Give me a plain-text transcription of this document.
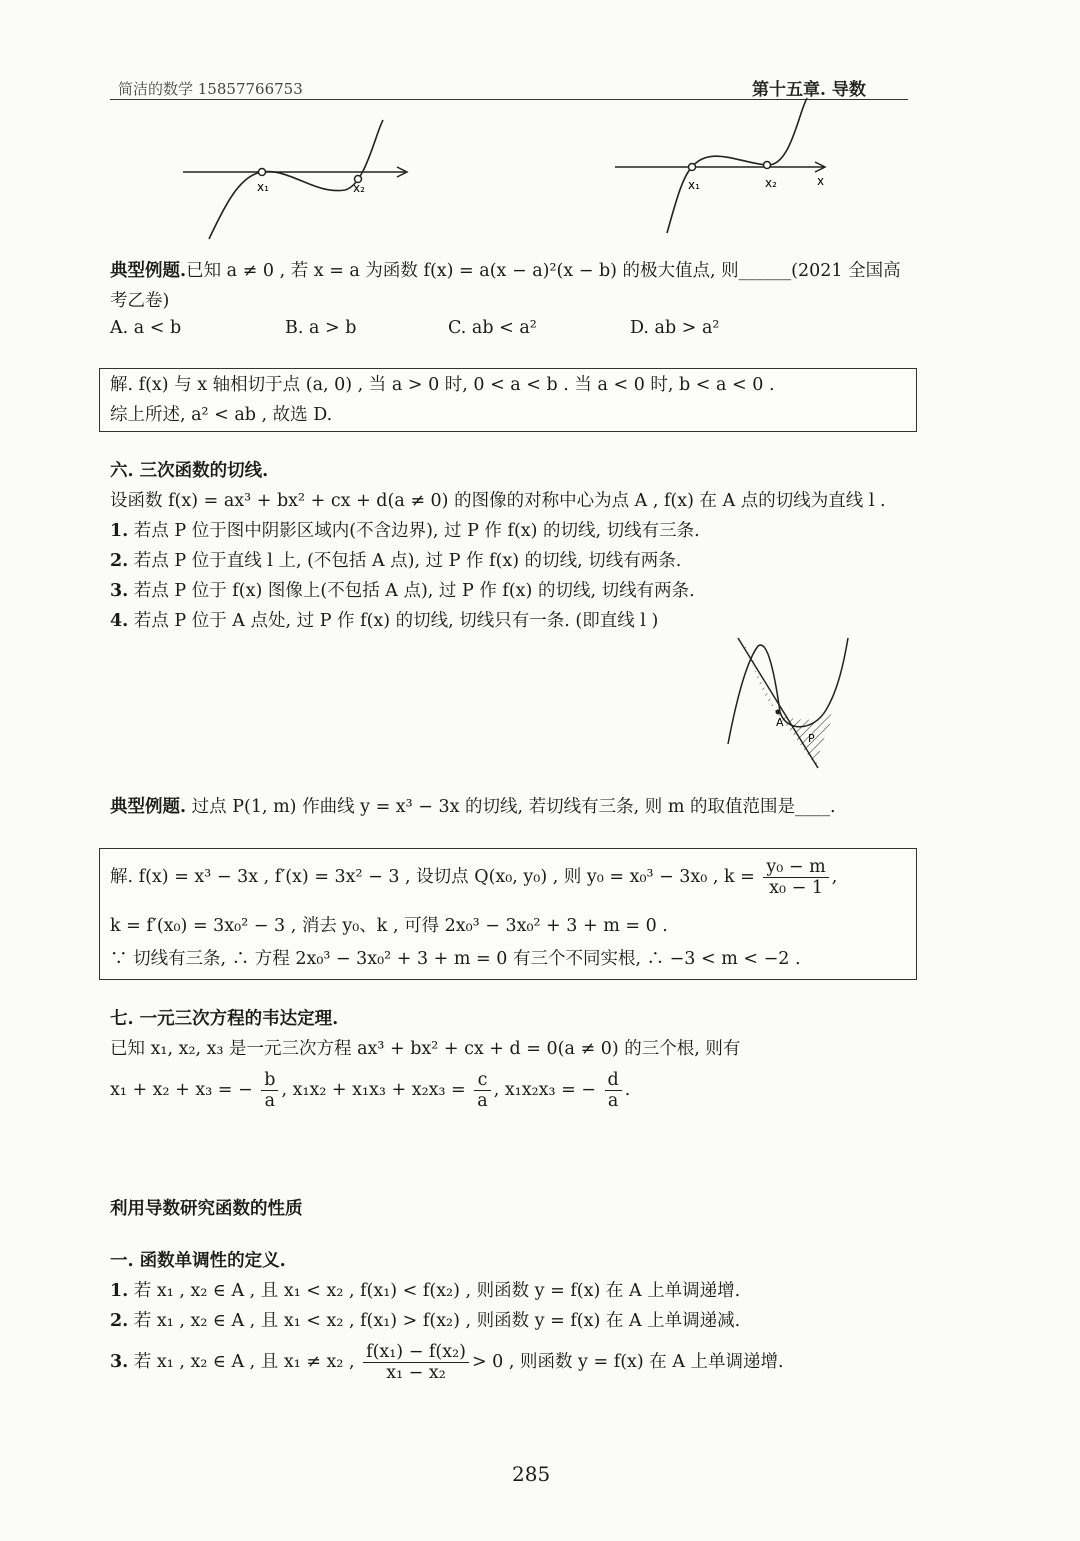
简洁的数学 15857766753	第十五章. 导数
x₁	x₂	x₁	x₂	x
典型例题.已知 a ≠ 0 , 若 x = a 为函数 f(x) = a(x − a)²(x − b) 的极大值点, 则______(2021 全国高
考乙卷)
A. a < b	B. a > b	C. ab < a²	D. ab > a²
解. f(x) 与 x 轴相切于点 (a, 0) , 当 a > 0 时, 0 < a < b . 当 a < 0 时, b < a < 0 .
综上所述, a² < ab , 故选 D.
六. 三次函数的切线.
设函数 f(x) = ax³ + bx² + cx + d(a ≠ 0) 的图像的对称中心为点 A , f(x) 在 A 点的切线为直线 l .
1. 若点 P 位于图中阴影区域内(不含边界), 过 P 作 f(x) 的切线, 切线有三条.
2. 若点 P 位于直线 l 上, (不包括 A 点), 过 P 作 f(x) 的切线, 切线有两条.
3. 若点 P 位于 f(x) 图像上(不包括 A 点), 过 P 作 f(x) 的切线, 切线有两条.
4. 若点 P 位于 A 点处, 过 P 作 f(x) 的切线, 切线只有一条. (即直线 l )
A
P
典型例题. 过点 P(1, m) 作曲线 y = x³ − 3x 的切线, 若切线有三条, 则 m 的取值范围是____.
解. f(x) = x³ − 3x , f′(x) = 3x² − 3 , 设切点 Q(x₀, y₀) , 则 y₀ = x₀³ − 3x₀ , $k = \frac{\text{y₀ − m}}{\text{x₀ − 1}}$ ,
k = f′(x₀) = 3x₀² − 3 , 消去 y₀、k , 可得 2x₀³ − 3x₀² + 3 + m = 0 .
∵ 切线有三条, ∴ 方程 2x₀³ − 3x₀² + 3 + m = 0 有三个不同实根, ∴ −3 < m < −2 .
七. 一元三次方程的韦达定理.
已知 x₁, x₂, x₃ 是一元三次方程 ax³ + bx² + cx + d = 0(a ≠ 0) 的三个根, 则有
x₁ + x₂ + x₃ = − $\frac{b}{a}$ , $x_1x_2 + x_1x_3 + x_2x_3 = \frac{c}{a}$ , x₁x₂x₃ = − $\frac{d}{a}$ .
利用导数研究函数的性质
一. 函数单调性的定义.
1. 若 x₁ , x₂ ∈ A , 且 x₁ < x₂ , f(x₁) < f(x₂) , 则函数 y = f(x) 在 A 上单调递增.
2. 若 x₁ , x₂ ∈ A , 且 x₁ < x₂ , f(x₁) > f(x₂) , 则函数 y = f(x) 在 A 上单调递减.
3. 若 x₁ , x₂ ∈ A , 且 x₁ ≠ x₂ , $\frac{\text{f(x₁) − f(x₂)}}{\text{x₁ − x₂}} > 0$ , 则函数 y = f(x) 在 A 上单调递增.
285
